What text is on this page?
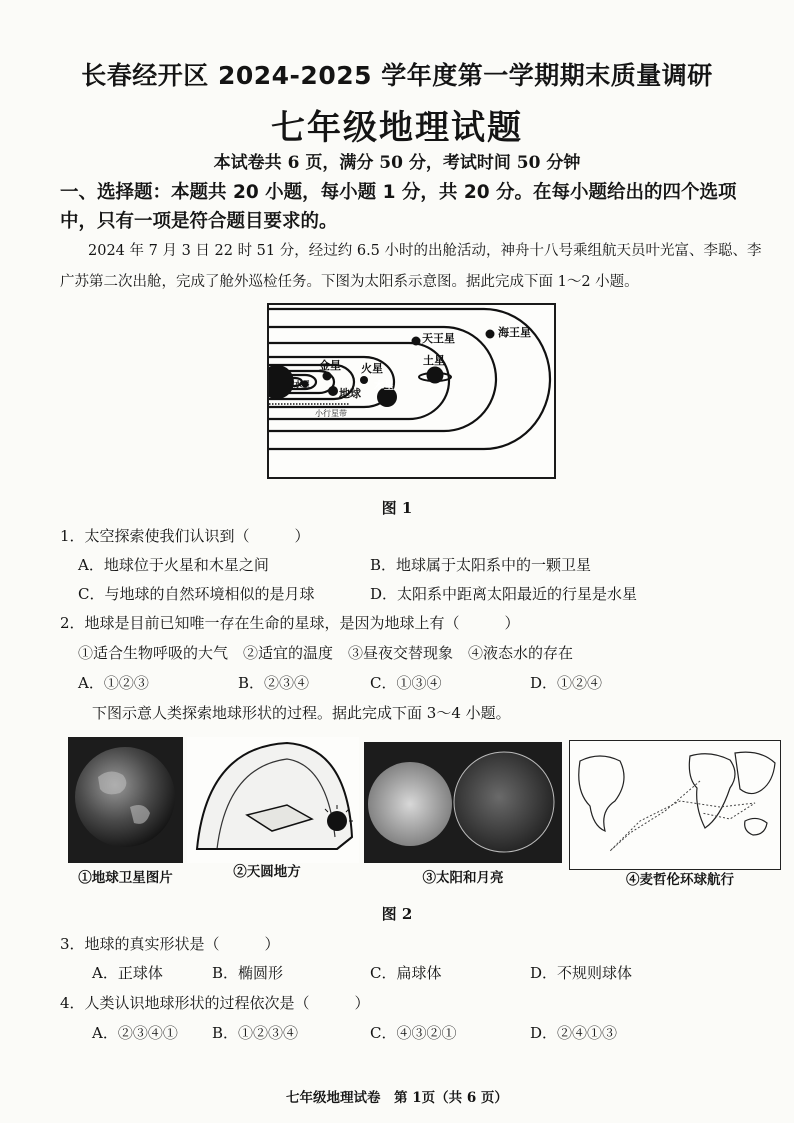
长春经开区 2024-2025 学年度第一学期期末质量调研
七年级地理试题
本试卷共 6 页，满分 50 分，考试时间 50 分钟
一、选择题：本题共 20 小题，每小题 1 分，共 20 分。在每小题给出的四个选项中，只有一项是符合题目要求的。
2024 年 7 月 3 日 22 时 51 分，经过约 6.5 小时的出舱活动，神舟十八号乘组航天员叶光富、李聪、李广苏第二次出舱，完成了舱外巡检任务。下图为太阳系示意图。据此完成下面 1～2 小题。
天王星	海王星
土星
金星 火星
水星
地球
木星
小行星带
图 1
1．太空探索使我们认识到（　　　）
A．地球位于火星和木星之间	B．地球属于太阳系中的一颗卫星
C．与地球的自然环境相似的是月球	D．太阳系中距离太阳最近的行星是水星
2．地球是目前已知唯一存在生命的星球，是因为地球上有（　　　）
①适合生物呼吸的大气　②适宜的温度　③昼夜交替现象　④液态水的存在
A．①②③	B．②③④	C．①③④	D．①②④
下图示意人类探索地球形状的过程。据此完成下面 3～4 小题。
①地球卫星图片	②天圆地方	③太阳和月亮	④麦哲伦环球航行
图 2
3．地球的真实形状是（　　　）
A．正球体	B．椭圆形	C．扁球体	D．不规则球体
4．人类认识地球形状的过程依次是（　　　）
A．②③④① B．①②③④	C．④③②①	D．②④①③
七年级地理试卷　第 1页（共 6 页）
